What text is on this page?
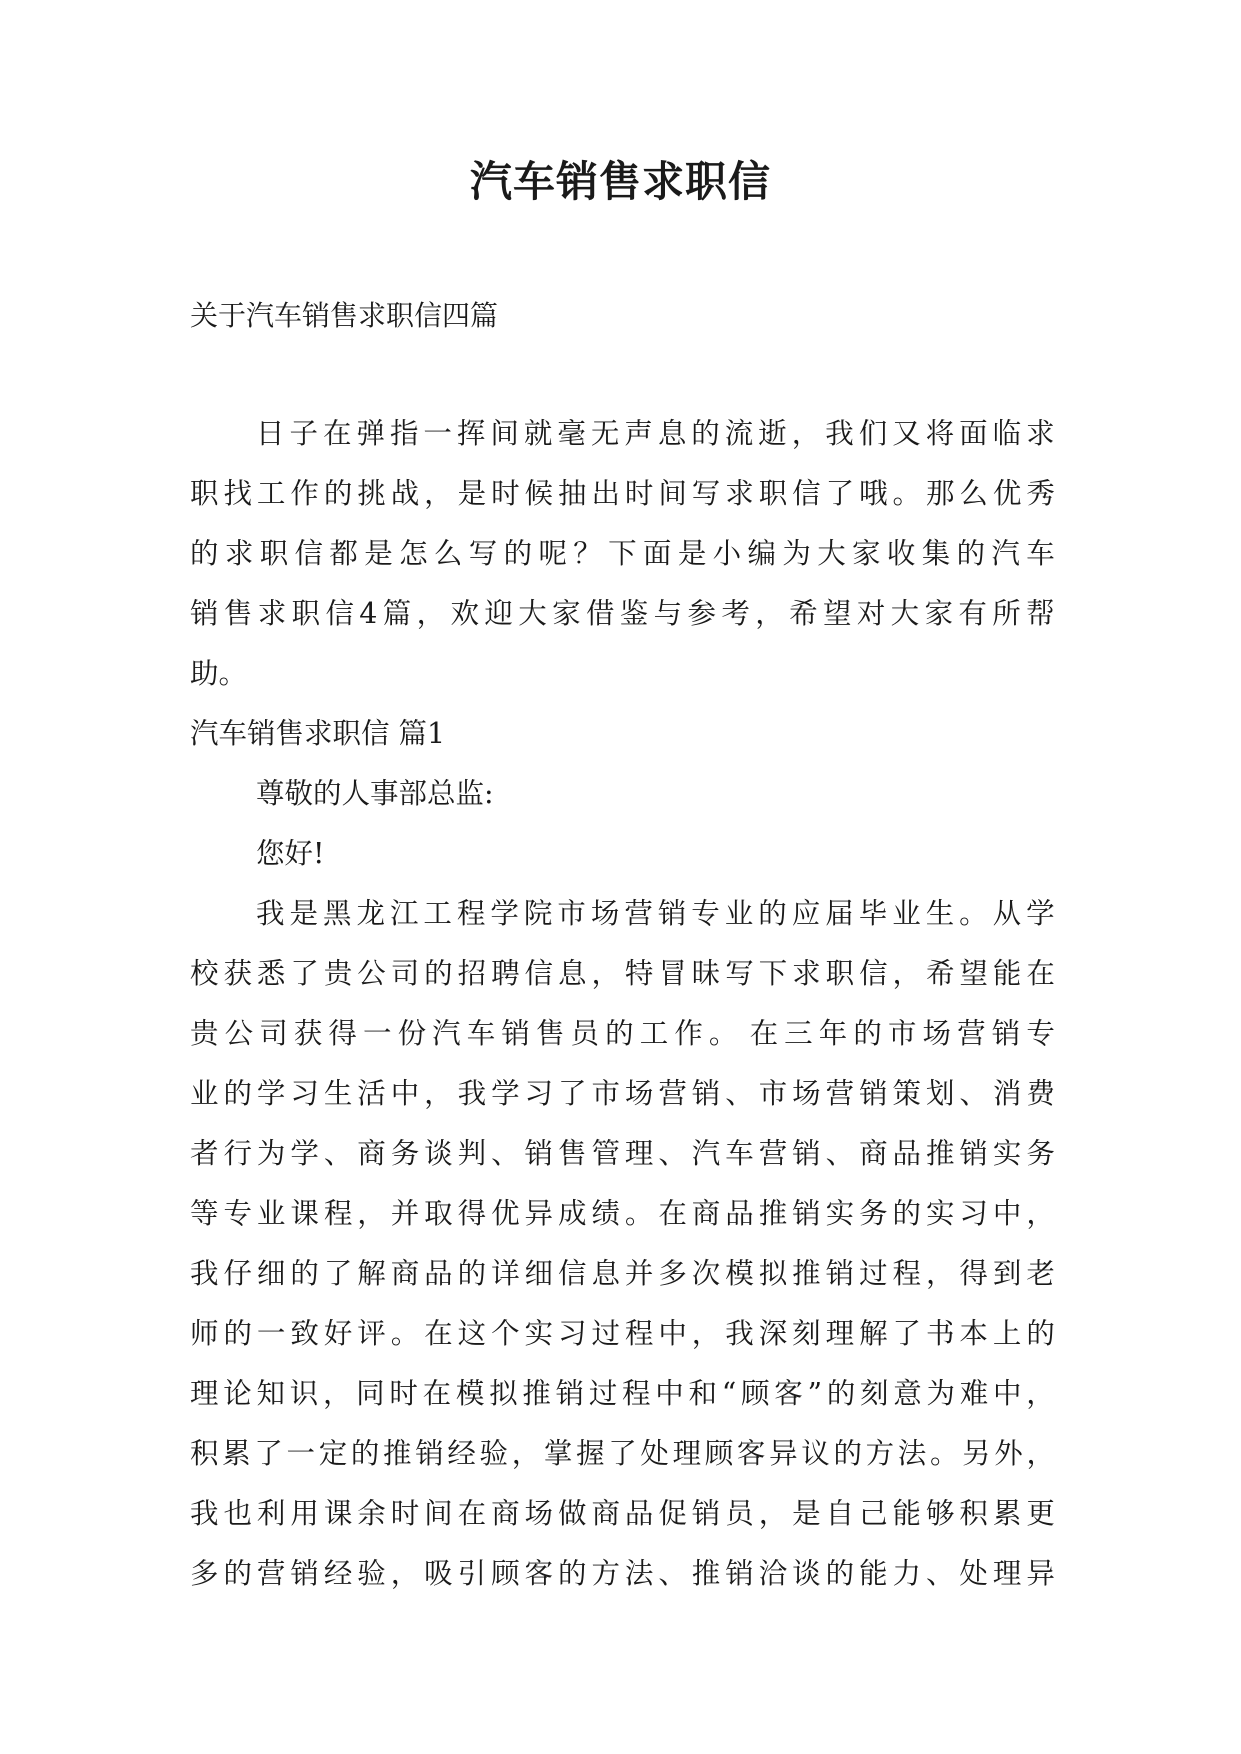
汽车销售求职信
关于汽车销售求职信四篇
日 子 在 弹 指 一 挥 间 就 毫 无 声 息 的 流 逝 ， 我 们 又 将 面 临 求
职 找 工 作 的 挑 战 ， 是 时 候 抽 出 时 间 写 求 职 信 了 哦 。 那 么 优 秀
的 求 职 信 都 是 怎 么 写 的 呢 ？ 下 面 是 小 编 为 大 家 收 集 的 汽 车
销 售 求 职 信 4 篇 ， 欢 迎 大 家 借 鉴 与 参 考 ， 希 望 对 大 家 有 所 帮
助。
汽车销售求职信 篇1
尊敬的人事部总监:
您好!
我 是 黑 龙 江 工 程 学 院 市 场 营 销 专 业 的 应 届 毕 业 生 。 从 学
校 获 悉 了 贵 公 司 的 招 聘 信 息 ， 特 冒 昧 写 下 求 职 信 ， 希 望 能 在
贵 公 司 获 得 一 份 汽 车 销 售 员 的 工 作 。 在 三 年 的 市 场 营 销 专
业 的 学 习 生 活 中 ， 我 学 习 了 市 场 营 销 、 市 场 营 销 策 划 、 消 费
者 行 为 学 、 商 务 谈 判 、 销 售 管 理 、 汽 车 营 销 、 商 品 推 销 实 务
等 专 业 课 程 ， 并 取 得 优 异 成 绩 。 在 商 品 推 销 实 务 的 实 习 中 ，
我 仔 细 的 了 解 商 品 的 详 细 信 息 并 多 次 模 拟 推 销 过 程 ， 得 到 老
师 的 一 致 好 评 。 在 这 个 实 习 过 程 中 ， 我 深 刻 理 解 了 书 本 上 的
理 论 知 识 ， 同 时 在 模 拟 推 销 过 程 中 和 “ 顾 客 ” 的 刻 意 为 难 中 ，
积 累 了 一 定 的 推 销 经 验 ， 掌 握 了 处 理 顾 客 异 议 的 方 法 。 另 外 ，
我 也 利 用 课 余 时 间 在 商 场 做 商 品 促 销 员 ， 是 自 己 能 够 积 累 更
多 的 营 销 经 验 ， 吸 引 顾 客 的 方 法 、 推 销 洽 谈 的 能 力 、 处 理 异
